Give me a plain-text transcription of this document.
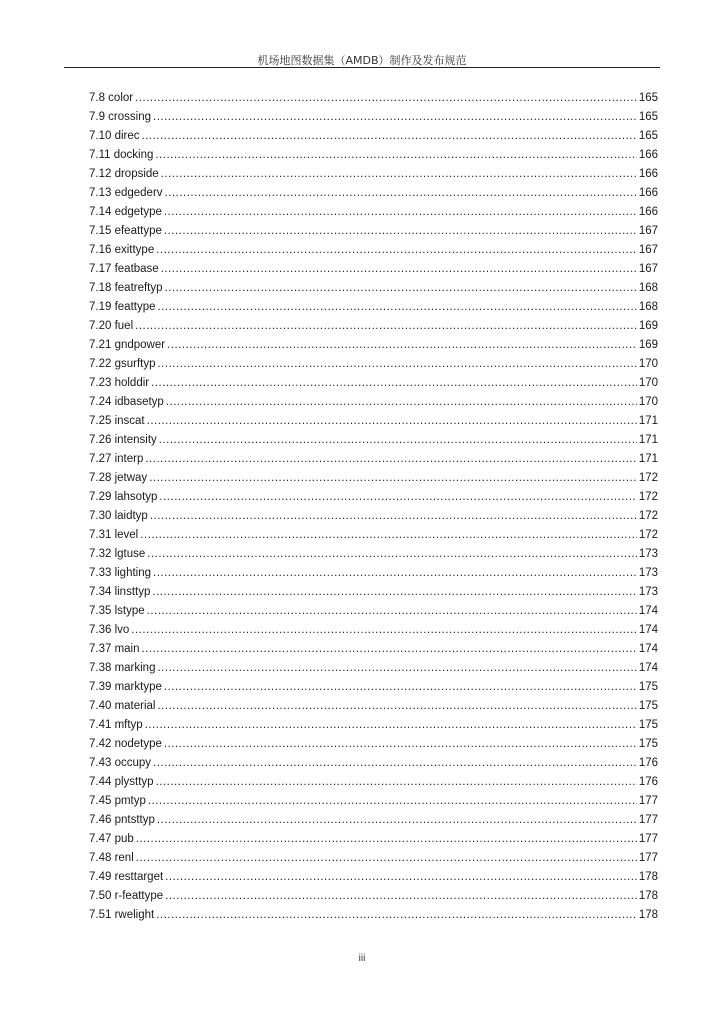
机场地图数据集（AMDB）制作及发布规范
7.8 color .....	165
7.9 crossing .....	165
7.10 direc .....	165
7.11 docking .....	166
7.12 dropside .....	166
7.13 edgederv .....	166
7.14 edgetype .....	166
7.15 efeattype .....	167
7.16 exittype .....	167
7.17 featbase .....	167
7.18 featreftyp .....	168
7.19 feattype .....	168
7.20 fuel .....	169
7.21 gndpower .....	169
7.22 gsurftyp .....	170
7.23 holddir .....	170
7.24 idbasetyp .....	170
7.25 inscat .....	171
7.26 intensity .....	171
7.27 interp .....	171
7.28 jetway .....	172
7.29 lahsotyp .....	172
7.30 laidtyp .....	172
7.31 level .....	172
7.32 lgtuse .....	173
7.33 lighting .....	173
7.34 linsttyp .....	173
7.35 lstype .....	174
7.36 lvo .....	174
7.37 main .....	174
7.38 marking .....	174
7.39 marktype .....	175
7.40 material .....	175
7.41 mftyp .....	175
7.42 nodetype .....	175
7.43 occupy .....	176
7.44 plysttyp .....	176
7.45 pmtyp .....	177
7.46 pntsttyp .....	177
7.47 pub .....	177
7.48 renl .....	177
7.49 resttarget .....	178
7.50 r-feattype .....	178
7.51 rwelight .....	178
iii
